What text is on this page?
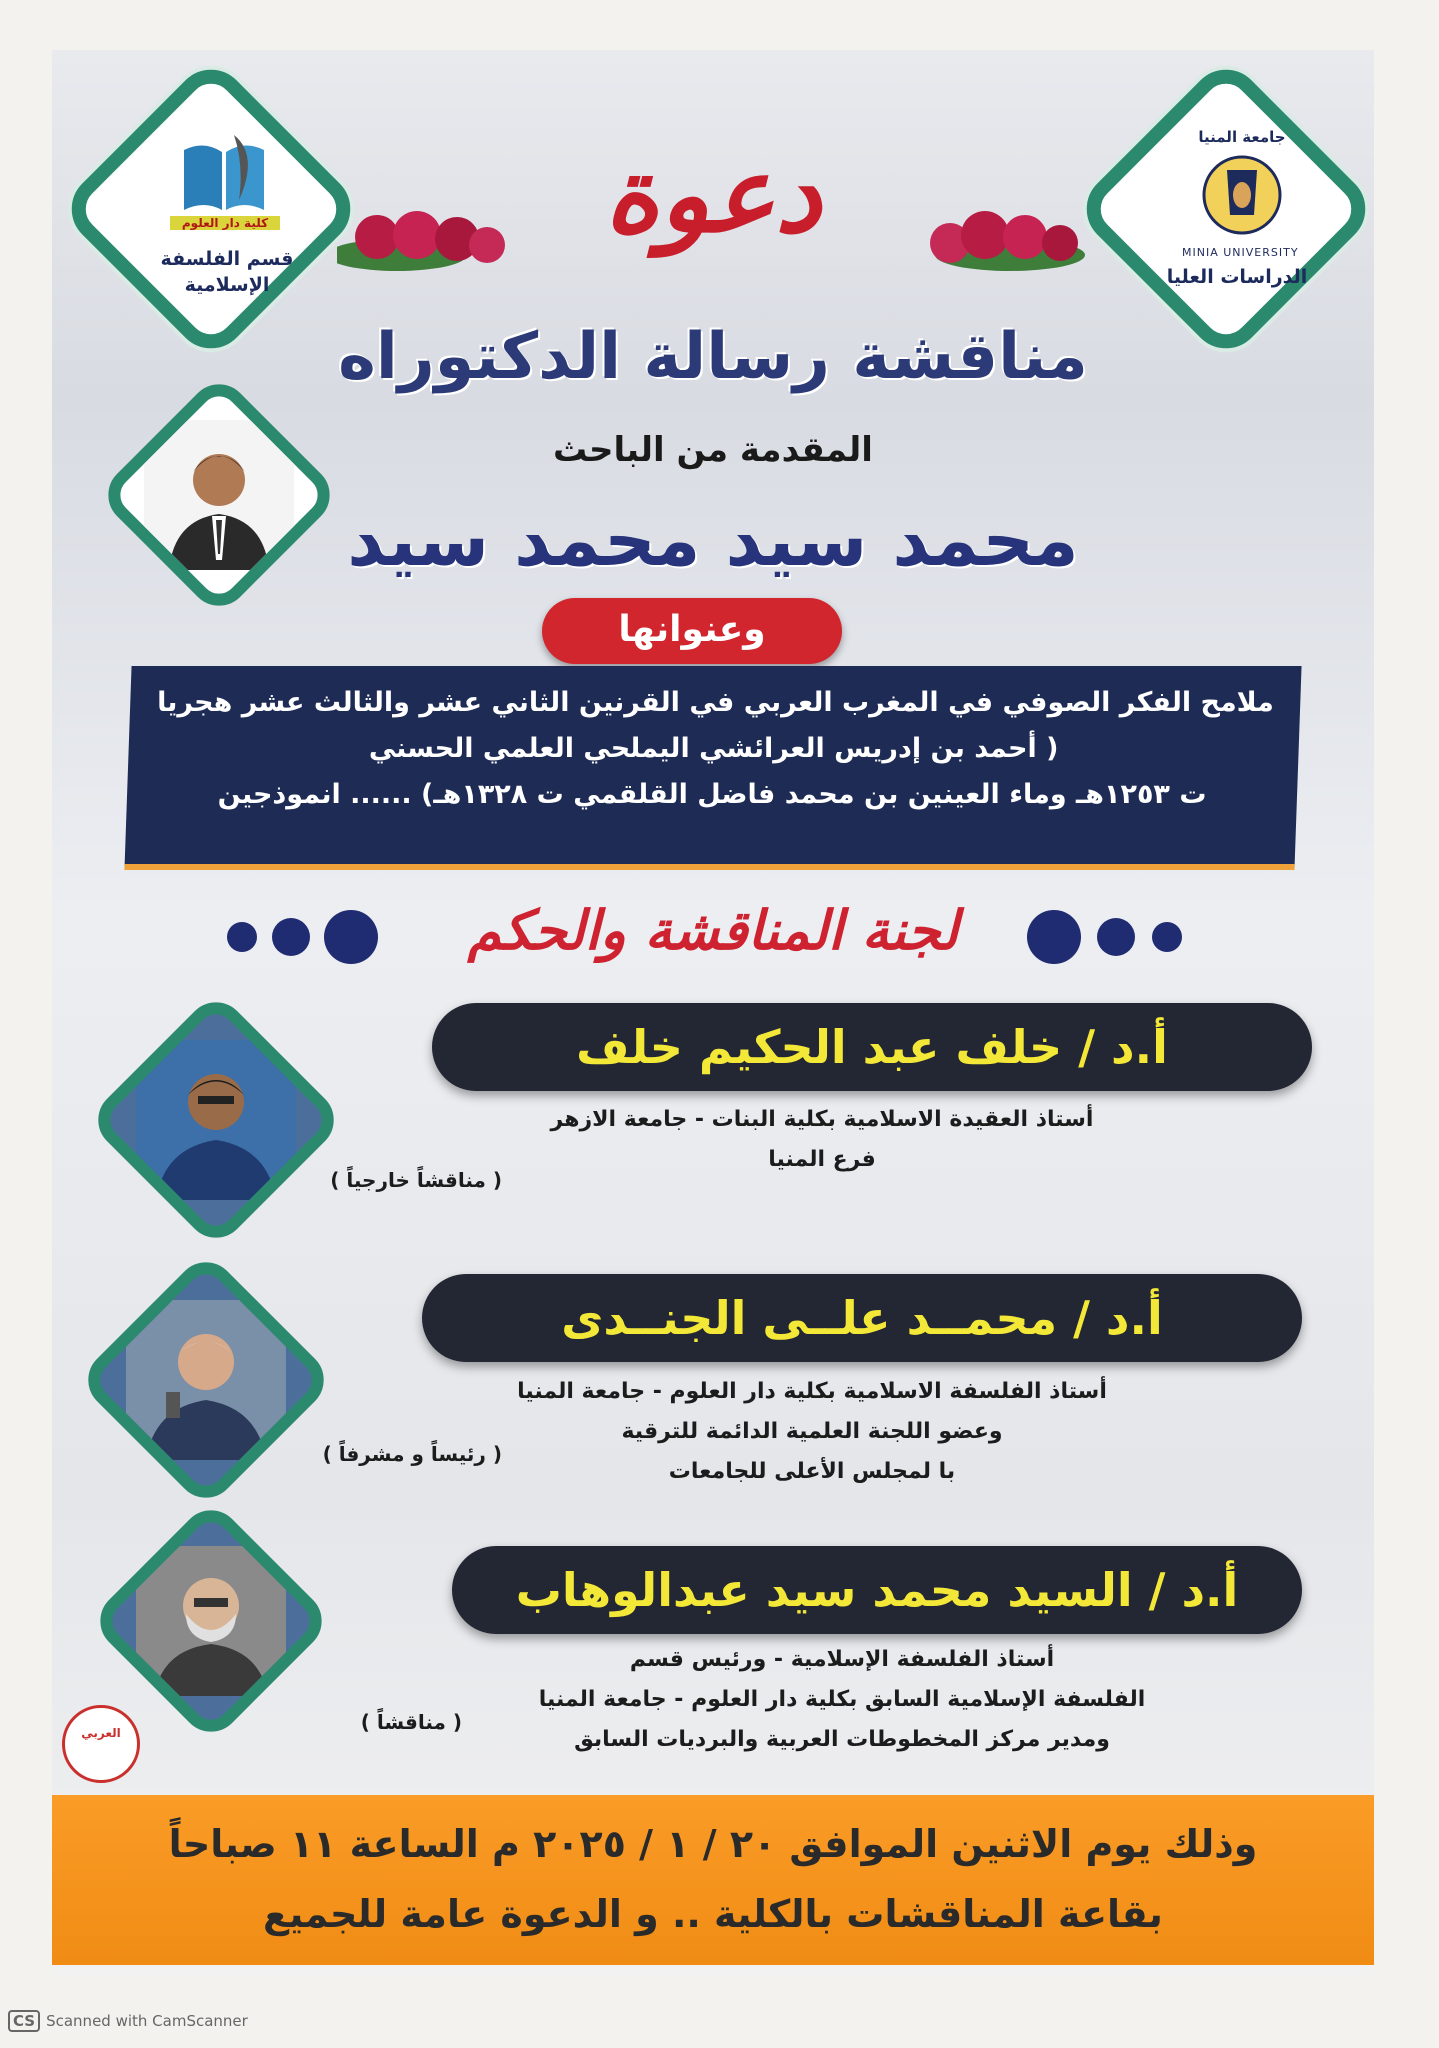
كلية دار العلوم
قسم الفلسفة
الإسلامية
جامعة المنيا
MINIA UNIVERSITY
الدراسات العليا
دعوة
مناقشة رسالة الدكتوراه
المقدمة من الباحث
محمد سيد محمد سيد
وعنوانها
ملامح الفكر الصوفي في المغرب العربي في القرنين الثاني عشر والثالث عشر هجريا
( أحمد بن إدريس العرائشي اليملحي العلمي الحسني
ت ١٢٥٣هـ وماء العينين بن محمد فاضل القلقمي ت ١٣٢٨هـ) ...... انموذجين
لجنة المناقشة والحكم
أ.د / خلف عبد الحكيم خلف
أستاذ العقيدة الاسلامية بكلية البنات - جامعة الازهر
فرع المنيا
( مناقشاً خارجياً )
أ.د / محمــد علــى الجنــدى
أستاذ الفلسفة الاسلامية بكلية دار العلوم - جامعة المنيا
وعضو اللجنة العلمية الدائمة للترقية
با لمجلس الأعلى للجامعات
( رئيساً و مشرفاً )
أ.د / السيد محمد سيد عبدالوهاب
أستاذ الفلسفة الإسلامية - ورئيس قسم
الفلسفة الإسلامية السابق بكلية دار العلوم - جامعة المنيا
ومدير مركز المخطوطات العربية والبرديات السابق
( مناقشاً )
العربي
وذلك يوم الاثنين الموافق ٢٠ / ١ / ٢٠٢٥ م الساعة ١١ صباحاً
بقاعة المناقشات بالكلية .. و الدعوة عامة للجميع
CS Scanned with CamScanner
